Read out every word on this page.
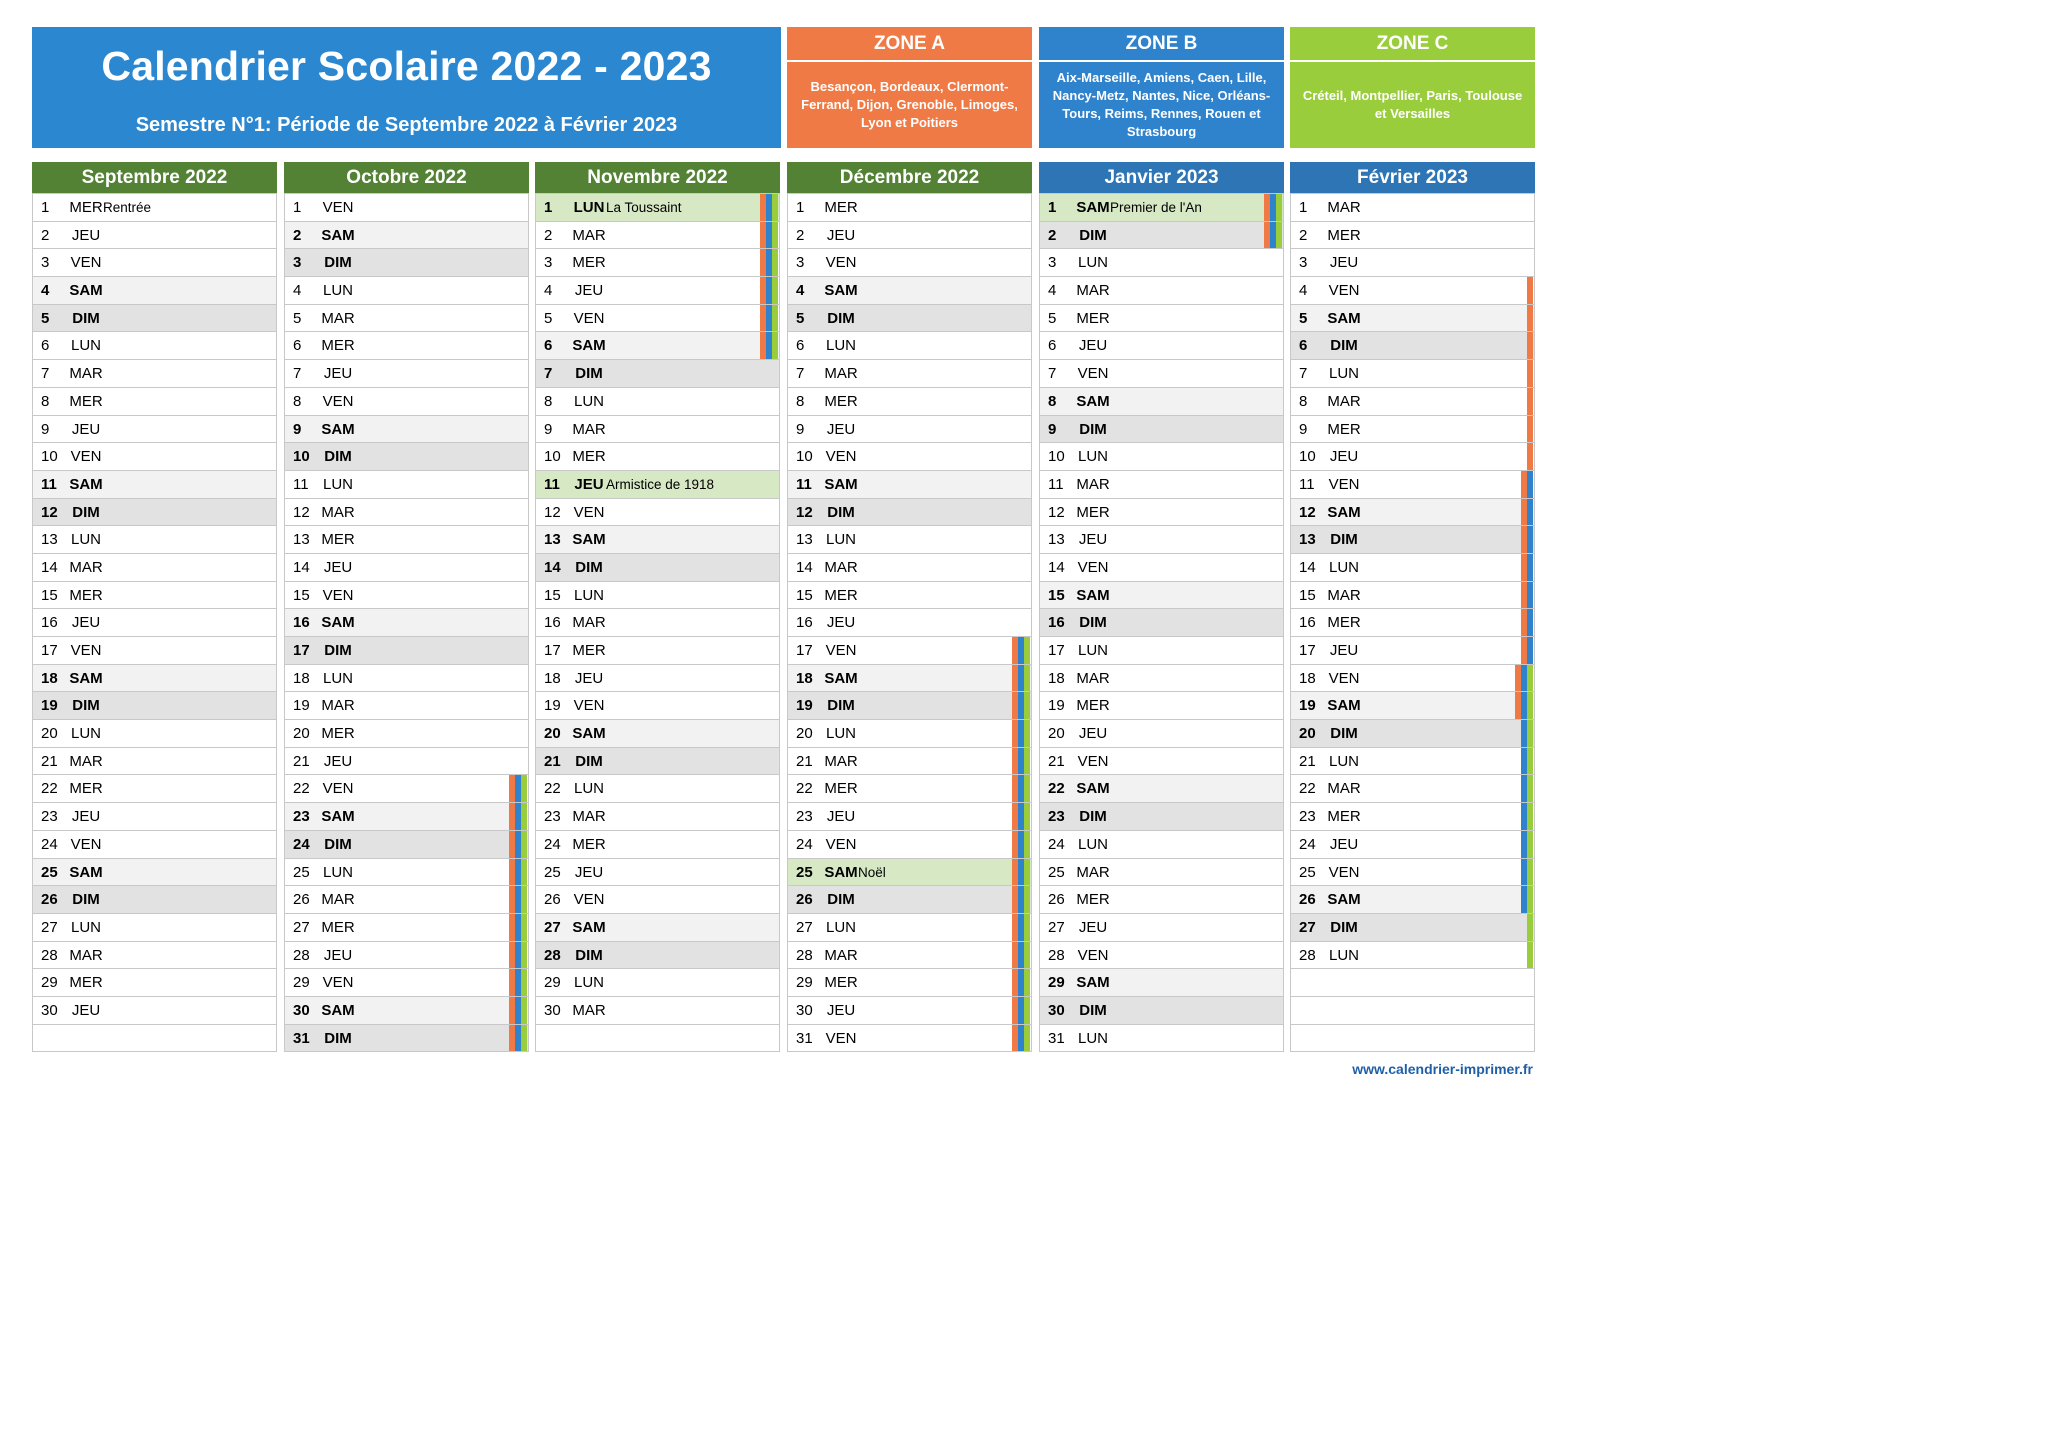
Calendrier Scolaire 2022 - 2023
Semestre N°1: Période de Septembre 2022 à Février 2023
ZONE A
Besançon, Bordeaux, Clermont-Ferrand, Dijon, Grenoble, Limoges, Lyon et Poitiers
ZONE B
Aix-Marseille, Amiens, Caen, Lille, Nancy-Metz, Nantes, Nice, Orléans-Tours, Reims, Rennes, Rouen et Strasbourg
ZONE C
Créteil, Montpellier, Paris, Toulouse et Versailles
Septembre 2022
1	MER Rentrée
2	JEU
3	VEN
4	SAM
5	DIM
6	LUN
7	MAR
8	MER
9	JEU
10 VEN
11 SAM
12 DIM
13 LUN
14 MAR
15 MER
16 JEU
17 VEN
18 SAM
19 DIM
20 LUN
21 MAR
22 MER
23 JEU
24 VEN
25 SAM
26 DIM
27 LUN
28 MAR
29 MER
30 JEU
Octobre 2022
1	VEN
2	SAM
3	DIM
4	LUN
5	MAR
6	MER
7	JEU
8	VEN
9	SAM
10 DIM
11 LUN
12 MAR
13 MER
14 JEU
15 VEN
16 SAM
17 DIM
18 LUN
19 MAR
20 MER
21 JEU
22 VEN
23 SAM
24 DIM
25 LUN
26 MAR
27 MER
28 JEU
29 VEN
30 SAM
31 DIM
Novembre 2022
1	LUN La Toussaint
2	MAR
3	MER
4	JEU
5	VEN
6	SAM
7	DIM
8	LUN
9	MAR
10 MER
11 JEU Armistice de 1918
12 VEN
13 SAM
14 DIM
15 LUN
16 MAR
17 MER
18 JEU
19 VEN
20 SAM
21 DIM
22 LUN
23 MAR
24 MER
25 JEU
26 VEN
27 SAM
28 DIM
29 LUN
30 MAR
Décembre 2022
1	MER
2	JEU
3	VEN
4	SAM
5	DIM
6	LUN
7	MAR
8	MER
9	JEU
10 VEN
11 SAM
12 DIM
13 LUN
14 MAR
15 MER
16 JEU
17 VEN
18 SAM
19 DIM
20 LUN
21 MAR
22 MER
23 JEU
24 VEN
25 SAM Noël
26 DIM
27 LUN
28 MAR
29 MER
30 JEU
31 VEN
Janvier 2023
1	SAM Premier de l'An
2	DIM
3	LUN
4	MAR
5	MER
6	JEU
7	VEN
8	SAM
9	DIM
10 LUN
11 MAR
12 MER
13 JEU
14 VEN
15 SAM
16 DIM
17 LUN
18 MAR
19 MER
20 JEU
21 VEN
22 SAM
23 DIM
24 LUN
25 MAR
26 MER
27 JEU
28 VEN
29 SAM
30 DIM
31 LUN
Février 2023
1	MAR
2	MER
3	JEU
4	VEN
5	SAM
6	DIM
7	LUN
8	MAR
9	MER
10 JEU
11 VEN
12 SAM
13 DIM
14 LUN
15 MAR
16 MER
17 JEU
18 VEN
19 SAM
20 DIM
21 LUN
22 MAR
23 MER
24 JEU
25 VEN
26 SAM
27 DIM
28 LUN
www.calendrier-imprimer.fr
